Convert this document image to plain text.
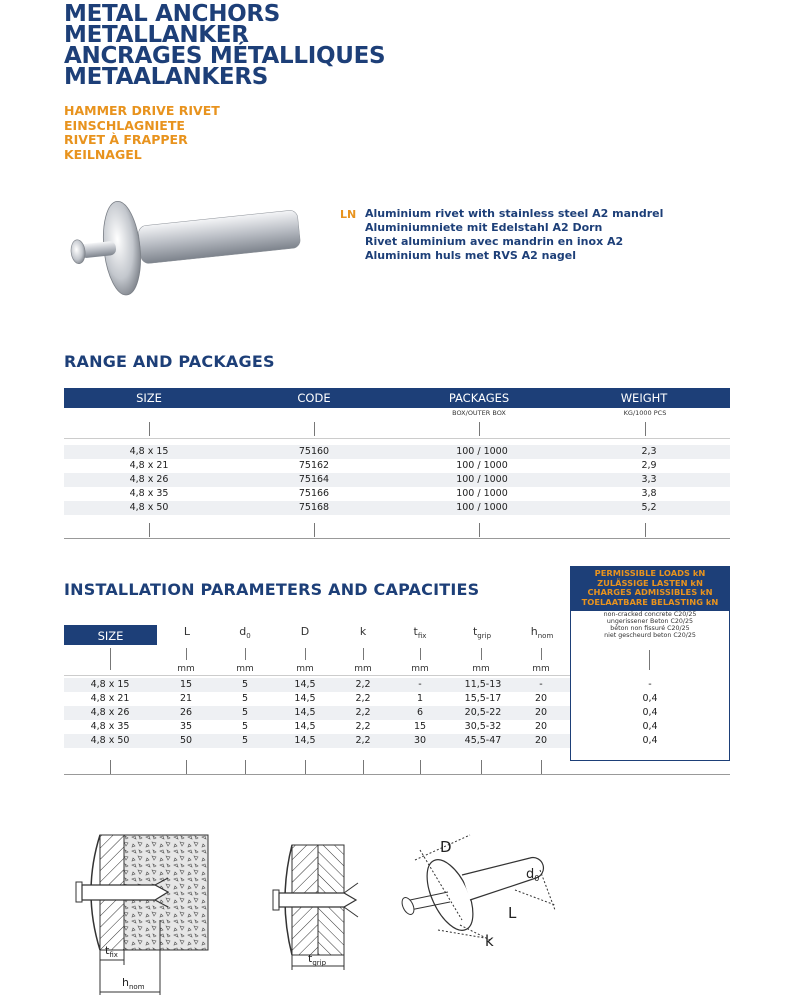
METAL ANCHORS
METALLANKER
ANCRAGES MÉTALLIQUES
METAALANKERS
HAMMER DRIVE RIVET
EINSCHLAGNIETE
RIVET À FRAPPER
KEILNAGEL
LN Aluminium rivet with stainless steel A2 mandrel
Aluminiumniete mit Edelstahl A2 Dorn
Rivet aluminium avec mandrin en inox A2
Aluminium huls met RVS A2 nagel
RANGE AND PACKAGES
SIZE	CODE	PACKAGES	WEIGHT
BOX/OUTER BOX	KG/1000 PCS
4,8 x 15	75160	100 / 1000	2,3
4,8 x 21	75162	100 / 1000	2,9
4,8 x 26	75164	100 / 1000	3,3
4,8 x 35	75166	100 / 1000	3,8
4,8 x 50	75168	100 / 1000	5,2
INSTALLATION PARAMETERS AND CAPACITIES
PERMISSIBLE LOADS kN
ZULÄSSIGE LASTEN kN
CHARGES ADMISSIBLES kN
TOELAATBARE BELASTING kN
non-cracked concrete C20/25
ungerissener Beton C20/25
béton non fissuré C20/25
niet gescheurd beton C20/25
SIZE	L	$d_0$	D	k	$t_{fix}$	$t_{grip}$	$h_{nom}$
mm	mm	mm	mm	mm	mm	mm
4,8 x 15	15	5	14,5	2,2	-	11,5-13	-	-
4,8 x 21	21	5	14,5	2,2	1	15,5-17	20	0,4
4,8 x 26	26	5	14,5	2,2	6	20,5-22	20	0,4
4,8 x 35	35	5	14,5	2,2	15	30,5-32	20	0,4
4,8 x 50	50	5	14,5	2,2	30	45,5-47	20	0,4
$t_{fix}$
$h_{nom}$
$t_{grip}$
D
$d_0$
L
k
